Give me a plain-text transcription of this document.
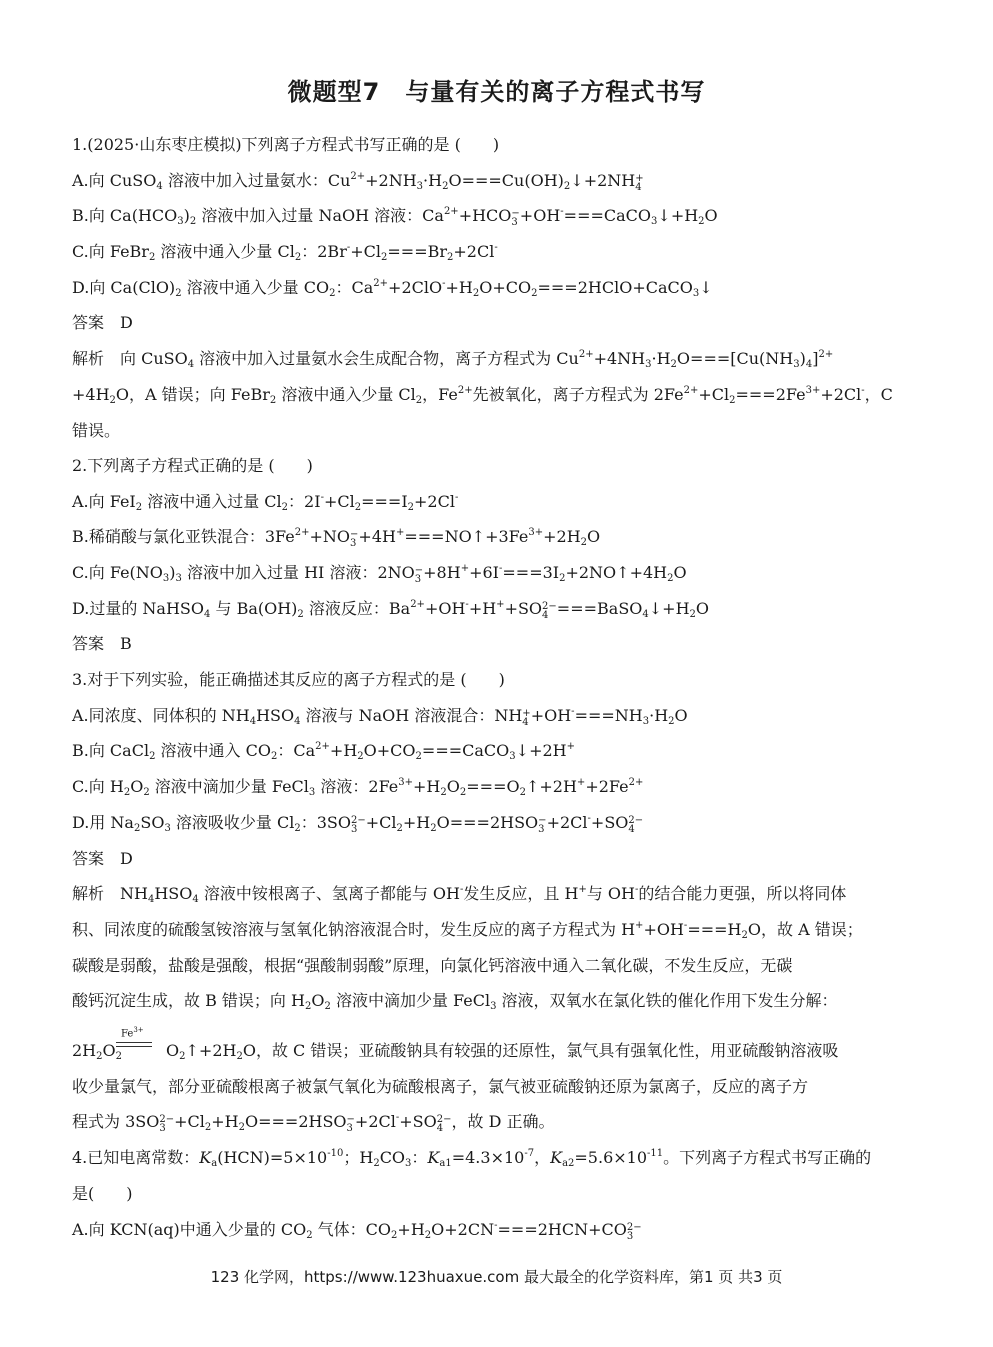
微题型7　与量有关的离子方程式书写
1.(2025·山东枣庄模拟)下列离子方程式书写正确的是 (　　)
A.向 CuSO$_4$ 溶液中加入过量氨水：$Cu^{2+}+2NH_3\cdot H_2O===Cu(OH)_2↓+2NH$ +
4
B.向 $Ca(HCO_3)_2$ 溶液中加入过量 NaOH 溶液：$Ca^{2+}+HCO$ −
$3 +OH^-===CaCO_3↓+H_2O$
C.向 FeBr$_2$ 溶液中通入少量 $Cl_2$：$2Br^-+Cl_2===Br_2+2Cl^-$
D.向 $Ca(ClO)_2$ 溶液中通入少量 $CO_2$：$Ca^{2+}+2ClO^-+H_2O+CO_2===2HClO+CaCO_3↓$
答案　D
解析　向 CuSO$_4$ 溶液中加入过量氨水会生成配合物，离子方程式为 $Cu^{2+}+4NH_3\cdot H_2O===[Cu(NH_3)_4]^{2+}$
$+4H_2O$，A 错误；向 FeBr$_2$ 溶液中通入少量 $Cl_2$，$Fe^{2+}$先被氧化，离子方程式为 $2Fe^{2+}+Cl_2===2Fe^{3+}+2Cl^-$，C
错误。
2.下列离子方程式正确的是 (　　)
A.向 FeI$_2$ 溶液中通入过量 $Cl_2$：$2I^-+Cl_2===I_2+2Cl^-$
B.稀硝酸与氯化亚铁混合：$3Fe^{2+}+NO$ −
$3 +4H^+===NO↑+3Fe^{3+}+2H_2O$
C.向 $Fe(NO_3)_3$ 溶液中加入过量 HI 溶液：2NO −
$3 +8H^++6I^-===3I_2+2NO↑+4H_2O$
D.过量的 NaHSO$_4$ 与 $Ba(OH)_2$ 溶液反应：$Ba^{2+}+OH^-+H^++SO$ 2−
$4 ===BaSO_4↓+H_2O$
答案　B
3.对于下列实验，能正确描述其反应的离子方程式的是 (　　)
A.同浓度、同体积的 $NH_4HSO_4$ 溶液与 NaOH 溶液混合：NH +
$4 +OH^-===NH_3\cdot H_2O$
B.向 CaCl$_2$ 溶液中通入 $CO_2$：$Ca^{2+}+H_2O+CO_2===CaCO_3↓+2H^+$
C.向 $H_2O_2$ 溶液中滴加少量 FeCl$_3$ 溶液：$2Fe^{3+}+H_2O_2===O_2↑+2H^++2Fe^{2+}$
D.用 $Na_2SO_3$ 溶液吸收少量 $Cl_2$：3SO 2−
$3 +Cl_2+H_2O===2HSO$ −
3 +2Cl-+SO 2−
4
答案　D
解析　$NH_4HSO_4$ 溶液中铵根离子、氢离子都能与 OH-发生反应，且 H+与 OH-的结合能力更强，所以将同体
积、同浓度的硫酸氢铵溶液与氢氧化钠溶液混合时，发生反应的离子方程式为 $H^++OH^-===H_2O$，故 A 错误；
碳酸是弱酸，盐酸是强酸，根据“强酸制弱酸”原理，向氯化钙溶液中通入二氧化碳，不发生反应，无碳
酸钙沉淀生成，故 B 错误；向 $H_2O_2$ 溶液中滴加少量 FeCl$_3$ 溶液，双氧水在氯化铁的催化作用下发生分解：
$2H_2O_2$	$O_2↑+2H_2O$，故 C 错误；亚硫酸钠具有较强的还原性，氯气具有强氧化性，用亚硫酸钠溶液吸
收少量氯气，部分亚硫酸根离子被氯气氧化为硫酸根离子，氯气被亚硫酸钠还原为氯离子，反应的离子方
程式为 3SO 2−
$3 +Cl_2+H_2O===2HSO$ −
3 +2Cl-+SO 2−
4 ，故 D 正确。
4.已知电离常数：$K_a(HCN)=5\times 10^{-10}$；$H_2CO_3$：$K_{a1}=4.3\times 10^{-7}$，$K_{a2}=5.6\times 10^{-11}$。下列离子方程式书写正确的
是(　　)
A.向 KCN(aq)中通入少量的 $CO_2$ 气体：$CO_2+H_2O+2CN^-===2HCN+CO$ 2−
3
$Fe^{3+}$
123 化学网，https://www.123huaxue.com 最大最全的化学资料库，第1 页 共3 页
